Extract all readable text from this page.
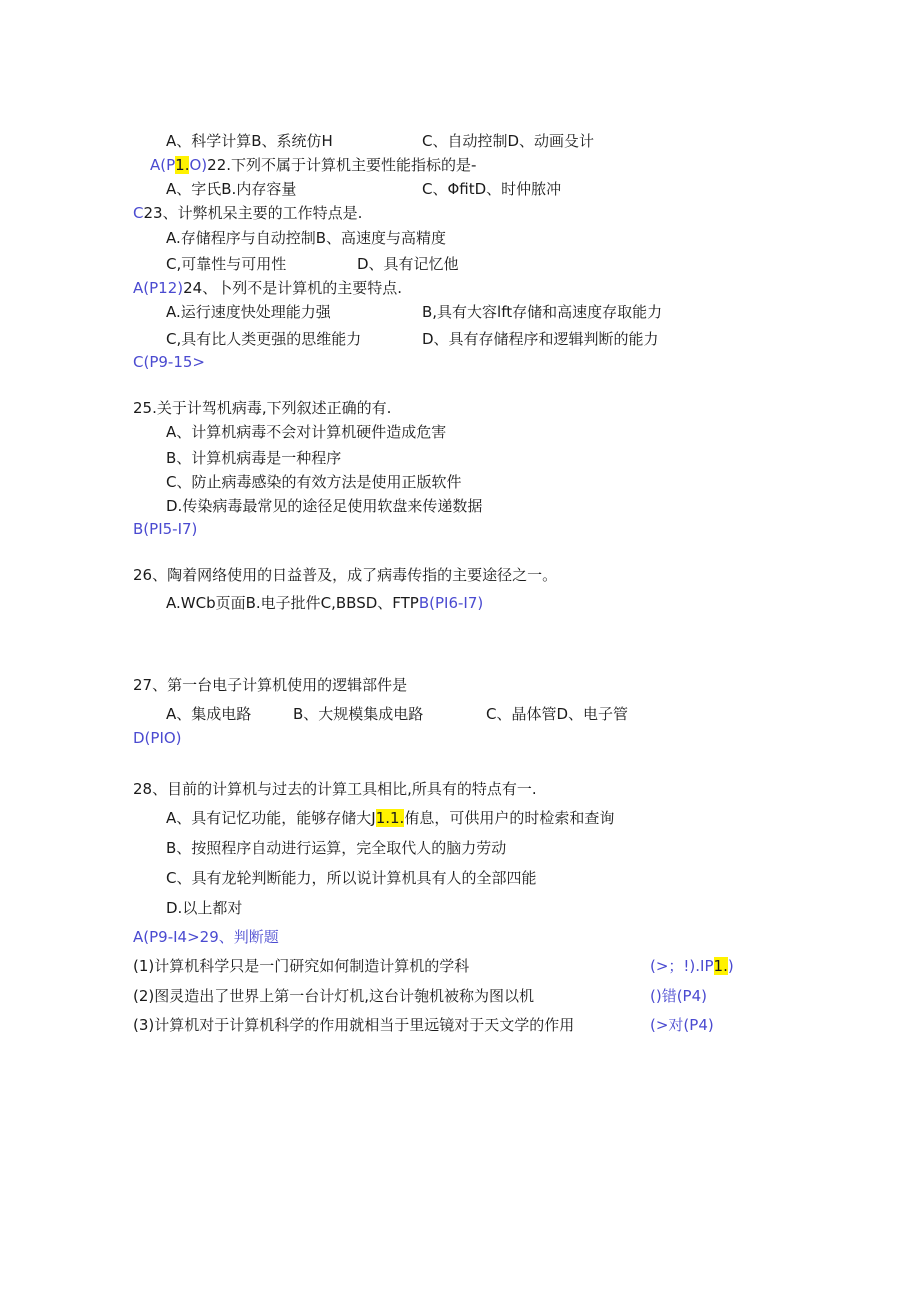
A、科学计算B、系统仿H	C、自动控制D、动画殳计
A(P1.O)22.下列不属于计算机主要性能指标的是-
A、字氏B.内存容量	C、ΦfitD、时仲脓冲
C23、计弊机呆主要的工作特点是.
A.存储程序与自动控制B、高速度与高精度
C,可靠性与可用性	D、具有记忆他
A(P12)24、卜列不是计算机的主要特点.
A.运行速度快处理能力强	B,具有大容lft存储和高速度存取能力
C,具有比人类更强的思维能力	D、具有存储程序和逻辑判断的能力
C(P9-15>
25.关于计驾机病毒,下列叙述正确的有.
A、计算机病毒不会对计算机硬件造成危害
B、计算机病毒是一种程序
C、防止病毒感染的有效方法是使用正版软件
D.传染病毒最常见的途径足使用软盘来传递数据
B(PI5-I7)
26、陶着网络使用的日益普及，成了病毒传指的主要途径之一。
A.WCb页面B.电子批件C,BBSD、FTPB(PI6-I7)
27、第一台电子计算机使用的逻辑部件是
A、集成电路	B、大规模集成电路	C、晶体管D、电子管
D(PIO)
28、目前的计算机与过去的计算工具相比,所具有的特点有一.
A、具有记忆功能，能够存储大J1.1.侑息，可供用户的时检索和查询
B、按照程序自动进行运算，完全取代人的脑力劳动
C、具有龙轮判断能力，所以说计算机具有人的全部四能
D.以上都对
A(P9-I4>29、判断题
(1)计算机科学只是一门研究如何制造计算机的学科	(>；!).IP1.)
(2)图灵造出了世界上第一台计灯机,这台计匏机被称为图以机	()错(P4)
(3)计算机对于计算机科学的作用就相当于里远镜对于天文学的作用	(>对(P4)
